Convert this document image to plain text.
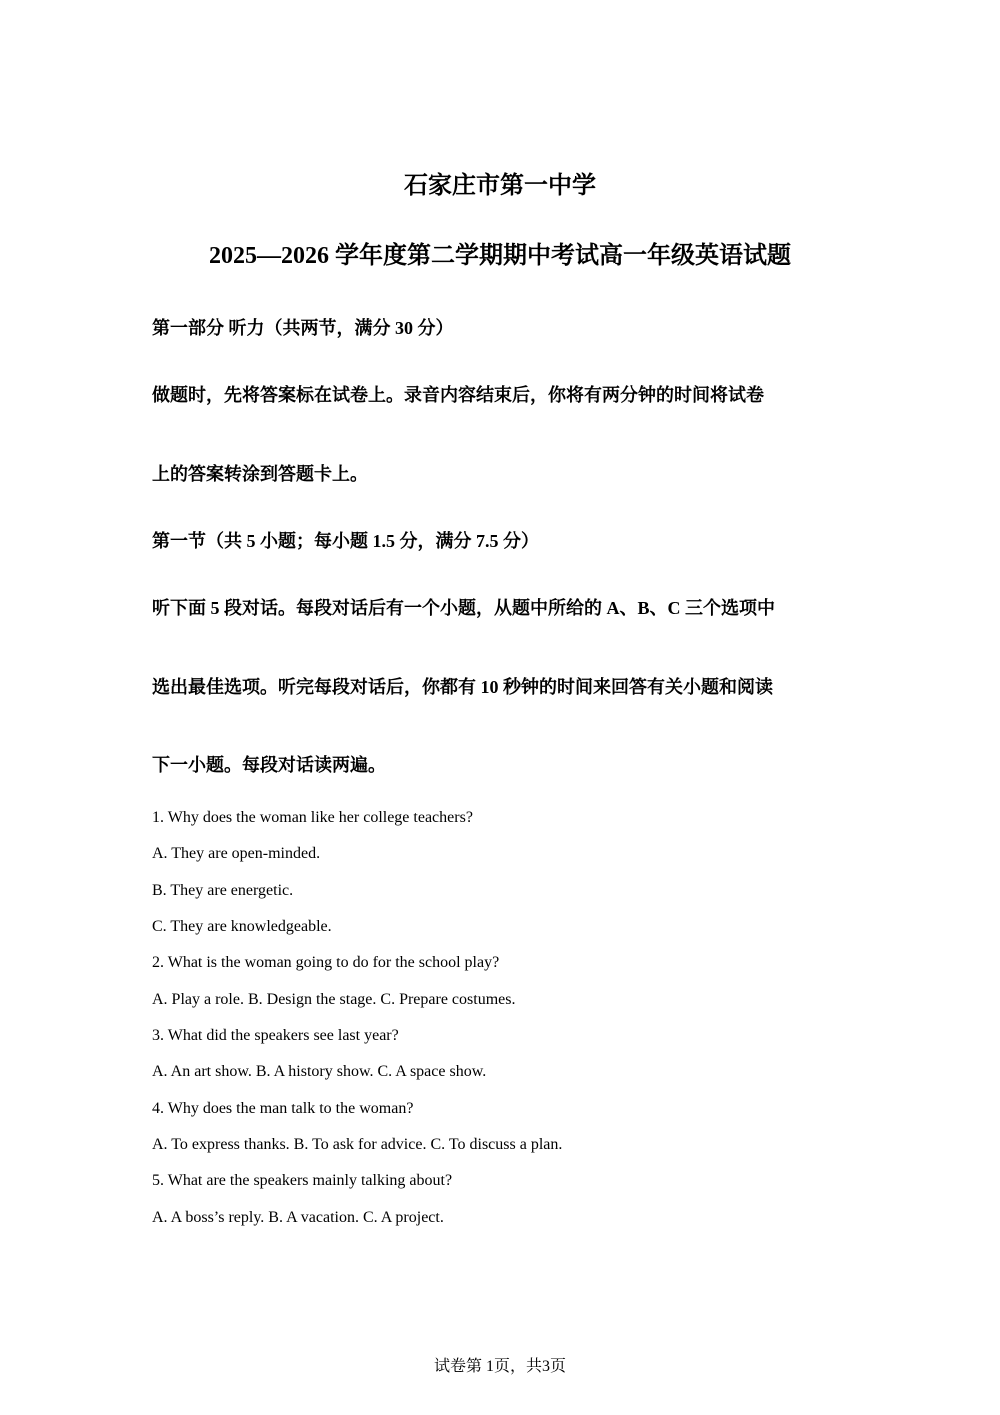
石家庄市第一中学
2025—2026 学年度第二学期期中考试高一年级英语试题
第一部分 听力（共两节，满分 30 分）
做题时，先将答案标在试卷上。录音内容结束后，你将有两分钟的时间将试卷
上的答案转涂到答题卡上。
第一节（共 5 小题；每小题 1.5 分，满分 7.5 分）
听下面 5 段对话。每段对话后有一个小题，从题中所给的 A、B、C 三个选项中
选出最佳选项。听完每段对话后，你都有 10 秒钟的时间来回答有关小题和阅读
下一小题。每段对话读两遍。
1. Why does the woman like her college teachers?
A. They are open-minded.
B. They are energetic.
C. They are knowledgeable.
2. What is the woman going to do for the school play?
A. Play a role. B. Design the stage. C. Prepare costumes.
3. What did the speakers see last year?
A. An art show. B. A history show. C. A space show.
4. Why does the man talk to the woman?
A. To express thanks. B. To ask for advice. C. To discuss a plan.
5. What are the speakers mainly talking about?
A. A boss’s reply. B. A vacation. C. A project.
试卷第 1页，共3页
